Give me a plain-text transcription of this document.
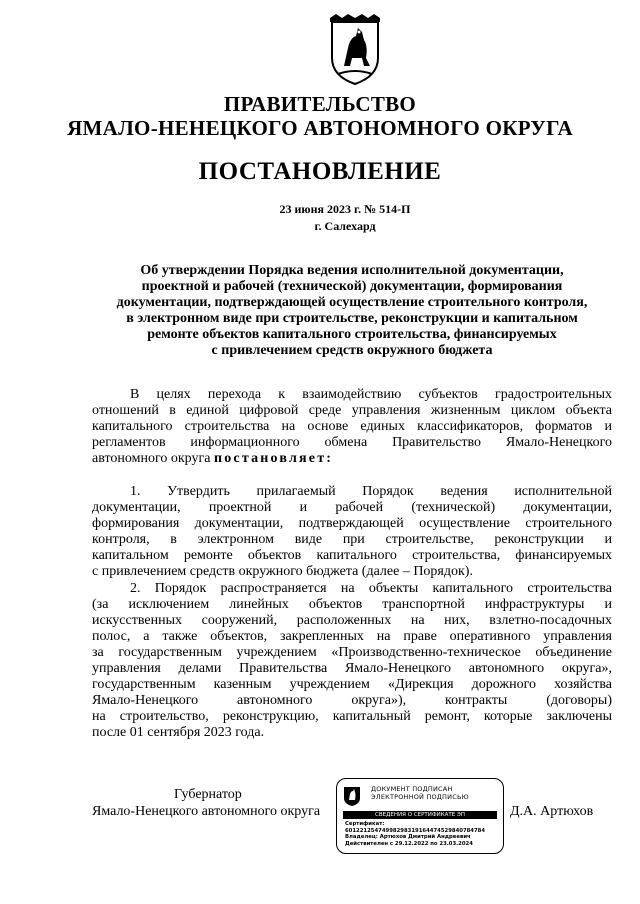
ПРАВИТЕЛЬСТВО
ЯМАЛО-НЕНЕЦКОГО АВТОНОМНОГО ОКРУГА
ПОСТАНОВЛЕНИЕ
23 июня 2023 г. № 514-П
г. Салехард
Об утверждении Порядка ведения исполнительной документации,
проектной и рабочей (технической) документации, формирования
документации, подтверждающей осуществление строительного контроля,
в электронном виде при строительстве, реконструкции и капитальном
ремонте объектов капитального строительства, финансируемых
с привлечением средств окружного бюджета
В целях перехода к взаимодействию субъектов градостроительных
отношений в единой цифровой среде управления жизненным циклом объекта
капитального строительства на основе единых классификаторов, форматов и
регламентов информационного обмена Правительство Ямало-Ненецкого
автономного округа постановляет:
1. Утвердить прилагаемый Порядок ведения исполнительной
документации, проектной и рабочей (технической) документации,
формирования документации, подтверждающей осуществление строительного
контроля, в электронном виде при строительстве, реконструкции и
капитальном ремонте объектов капитального строительства, финансируемых
с привлечением средств окружного бюджета (далее – Порядок).
2. Порядок распространяется на объекты капитального строительства
(за исключением линейных объектов транспортной инфраструктуры и
искусственных сооружений, расположенных на них, взлетно-посадочных
полос, а также объектов, закрепленных на праве оперативного управления
за государственным учреждением «Производственно-техническое объединение
управления делами Правительства Ямало-Ненецкого автономного округа»,
государственным казенным учреждением «Дирекция дорожного хозяйства
Ямало-Ненецкого автономного округа»), контракты (договоры)
на строительство, реконструкцию, капитальный ремонт, которые заключены
после 01 сентября 2023 года.
Губернатор
Ямало-Ненецкого автономного округа	Д.А. Артюхов
ДОКУМЕНТ ПОДПИСАН
ЭЛЕКТРОННОЙ ПОДПИСЬЮ
СВЕДЕНИЯ О СЕРТИФИКАТЕ ЭП
Сертификат:
60122125474998298319164474529840784784
Владелец: Артюхов Дмитрий Андреевич
Действителен с 29.12.2022 по 23.03.2024
